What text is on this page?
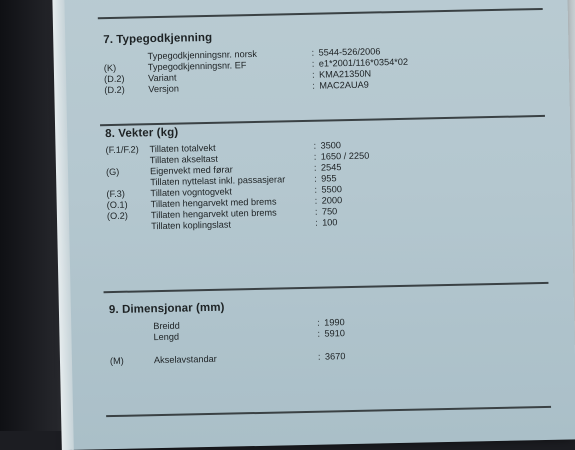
7. Typegodkjenning
Typegodkjenningsnr. norsk	: 5544-526/2006
(K)	Typegodkjenningsnr. EF	: e1*2001/116*0354*02
(D.2)	Variant	: KMA21350N
(D.2)	Versjon	: MAC2AUA9
8. Vekter (kg)
(F.1/F.2)	Tillaten totalvekt	: 3500
Tillaten akseltast	: 1650 / 2250
(G)	Eigenvekt med førar	: 2545
Tillaten nyttelast inkl. passasjerar	: 955
(F.3)	Tillaten vogntogvekt	: 5500
(O.1)	Tillaten hengarvekt med brems	: 2000
(O.2)	Tillaten hengarvekt uten brems	: 750
Tillaten koplingslast	: 100
9. Dimensjonar (mm)
Breidd	: 1990
Lengd	: 5910
(M)	Akselavstandar	: 3670
